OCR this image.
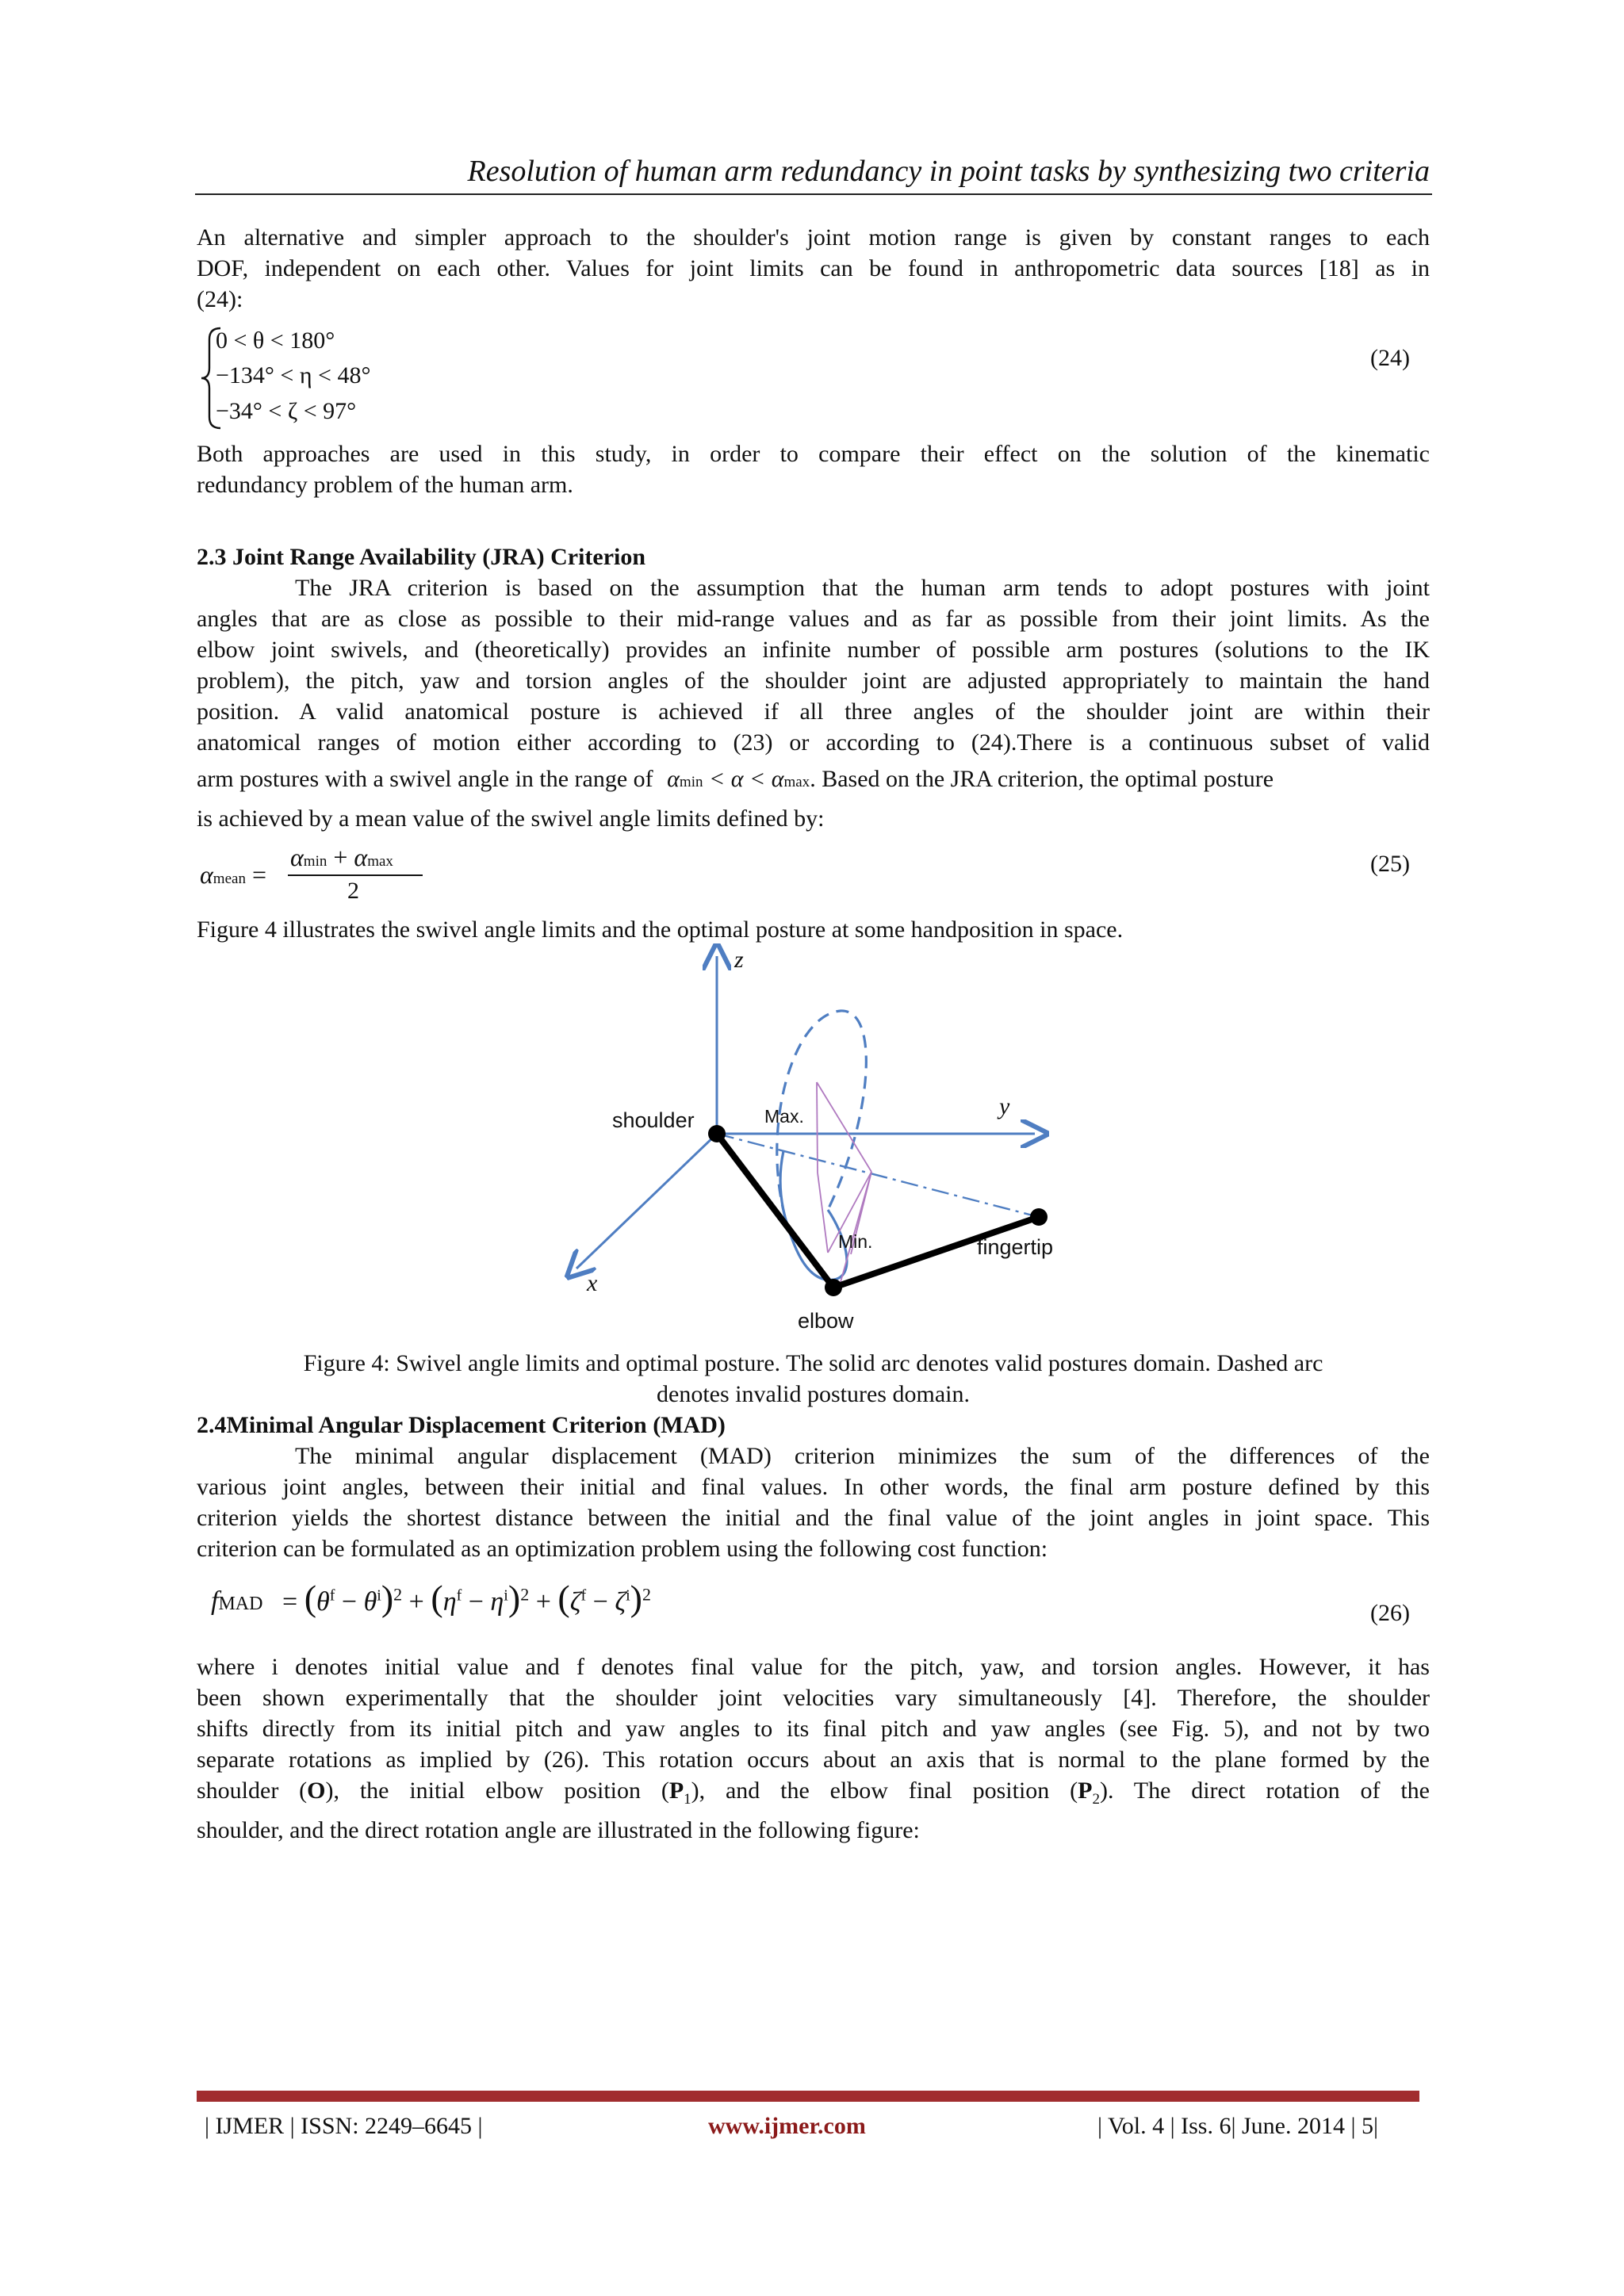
Resolution of human arm redundancy in point tasks by synthesizing two criteria
An alternative and simpler approach to the shoulder's joint motion range is given by constant ranges to each
DOF, independent on each other. Values for joint limits can be found in anthropometric data sources [18] as in
(24):
0 < θ < 180°
−134° < η < 48°
−34° < ζ < 97°
(24)
Both approaches are used in this study, in order to compare their effect on the solution of the kinematic
redundancy problem of the human arm.
2.3 Joint Range Availability (JRA) Criterion
The JRA criterion is based on the assumption that the human arm tends to adopt postures with joint
angles that are as close as possible to their mid-range values and as far as possible from their joint limits. As the
elbow joint swivels, and (theoretically) provides an infinite number of possible arm postures (solutions to the IK
problem), the pitch, yaw and torsion angles of the shoulder joint are adjusted appropriately to maintain the hand
position. A valid anatomical posture is achieved if all three angles of the shoulder joint are within their
anatomical ranges of motion either according to (23) or according to (24).There is a continuous subset of valid
arm postures with a swivel angle in the range of αmin < α < αmax. Based on the JRA criterion, the optimal posture
is achieved by a mean value of the swivel angle limits defined by:
αmean =
αmin + αmax
2
(25)
Figure 4 illustrates the swivel angle limits and the optimal posture at some handposition in space.
z
y
x
shoulder	Max.
Min.	fingertip
elbow
Figure 4: Swivel angle limits and optimal posture. The solid arc denotes valid postures domain. Dashed arc
denotes invalid postures domain.
2.4Minimal Angular Displacement Criterion (MAD)
The minimal angular displacement (MAD) criterion minimizes the sum of the differences of the
various joint angles, between their initial and final values. In other words, the final arm posture defined by this
criterion yields the shortest distance between the initial and the final value of the joint angles in joint space. This
criterion can be formulated as an optimization problem using the following cost function:
fMAD = $(\theta^f - \theta^i)^2 + (\eta^f - \eta^i)^2 + (\zeta^f - \zeta^i)^2$
(26)
where i denotes initial value and f denotes final value for the pitch, yaw, and torsion angles. However, it has
been shown experimentally that the shoulder joint velocities vary simultaneously [4]. Therefore, the shoulder
shifts directly from its initial pitch and yaw angles to its final pitch and yaw angles (see Fig. 5), and not by two
separate rotations as implied by (26). This rotation occurs about an axis that is normal to the plane formed by the
shoulder (O), the initial elbow position $(P_1)$, and the elbow final position $(P_2)$. The direct rotation of the
shoulder, and the direct rotation angle are illustrated in the following figure:
| IJMER | ISSN: 2249–6645 |	www.ijmer.com	| Vol. 4 | Iss. 6| June. 2014 | 5|
